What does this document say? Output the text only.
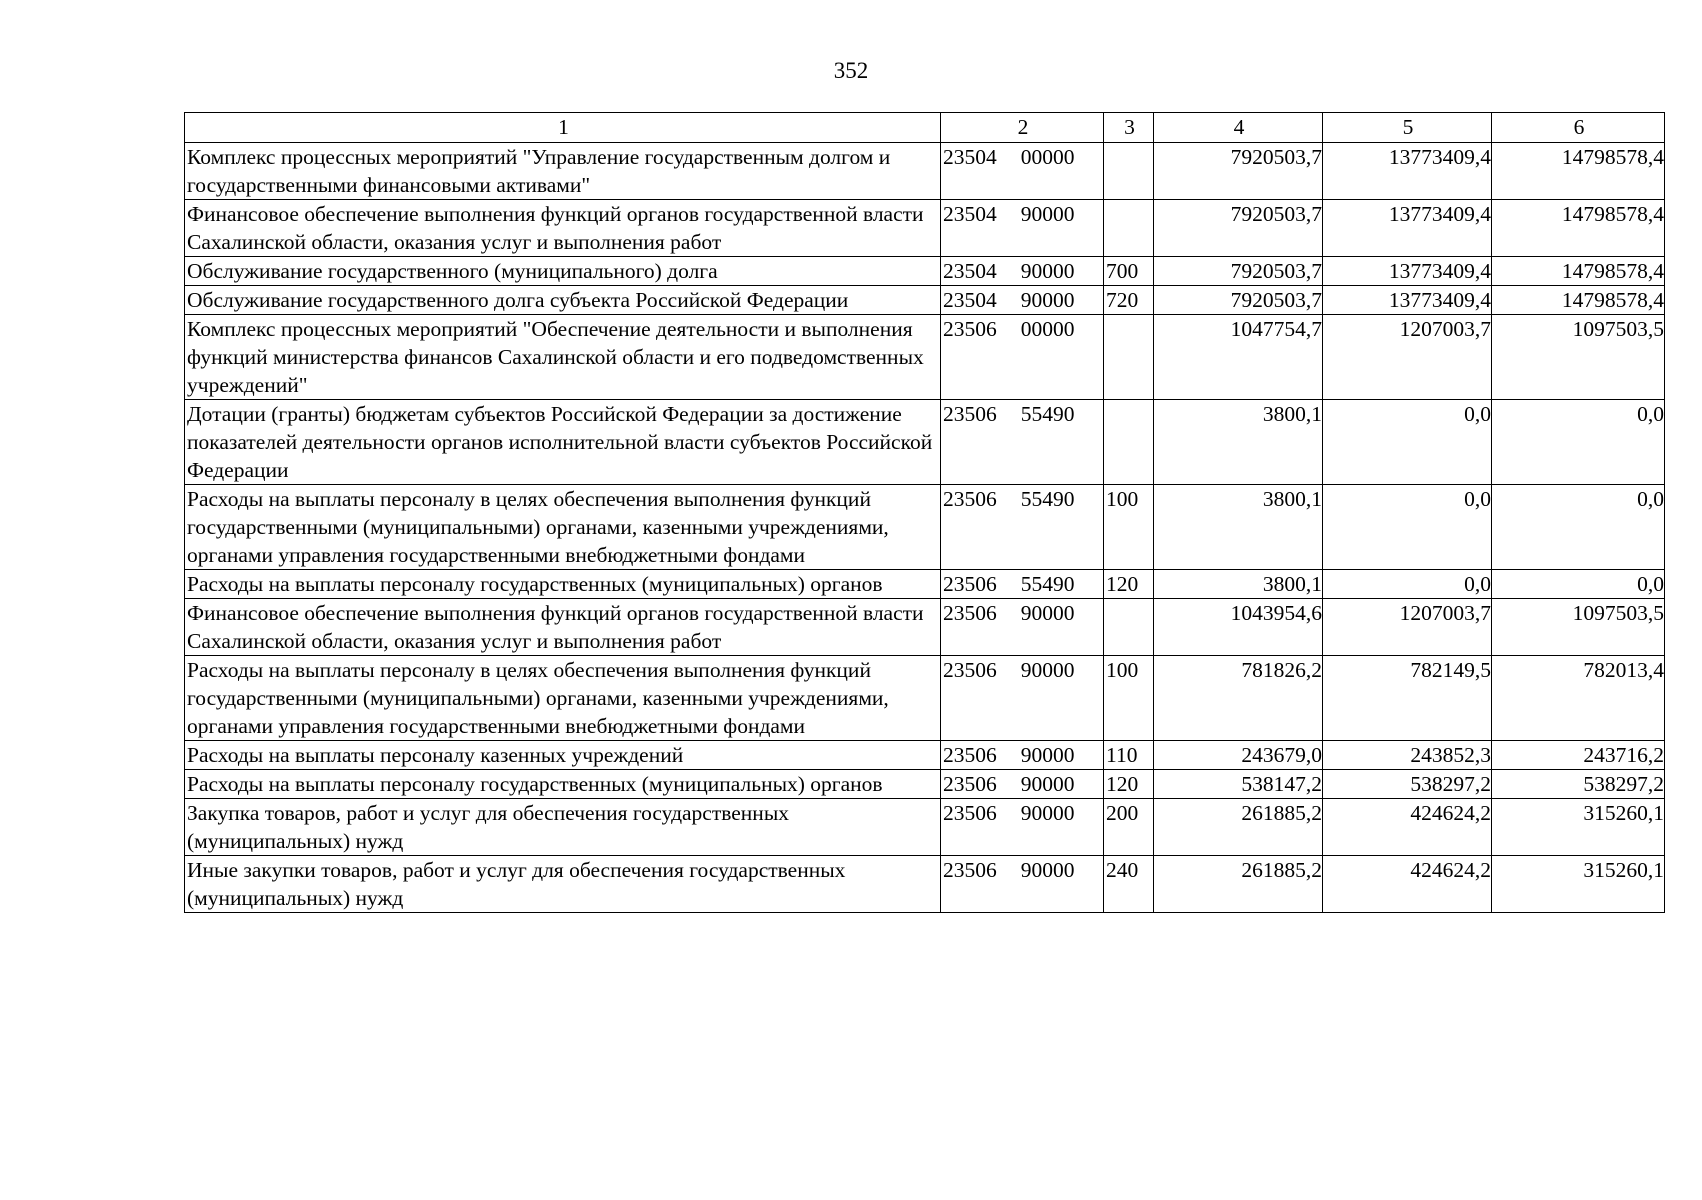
352
1	2	3	4	5	6
Комплекс процессных мероприятий "Управление государственным долгом и государственными финансовыми активами"	23504 00000		7920503,7	13773409,4	14798578,4
Финансовое обеспечение выполнения функций органов государственной власти Сахалинской области, оказания услуг и выполнения работ	23504 90000		7920503,7	13773409,4	14798578,4
Обслуживание государственного (муниципального) долга	23504 90000	700	7920503,7	13773409,4	14798578,4
Обслуживание государственного долга субъекта Российской Федерации	23504 90000	720	7920503,7	13773409,4	14798578,4
Комплекс процессных мероприятий "Обеспечение деятельности и выполнения функций министерства финансов Сахалинской области и его подведомственных учреждений"	23506 00000		1047754,7	1207003,7	1097503,5
Дотации (гранты) бюджетам субъектов Российской Федерации за достижение показателей деятельности органов исполнительной власти субъектов Российской Федерации	23506 55490		3800,1	0,0	0,0
Расходы на выплаты персоналу в целях обеспечения выполнения функций государственными (муниципальными) органами, казенными учреждениями, органами управления государственными внебюджетными фондами	23506 55490	100	3800,1	0,0	0,0
Расходы на выплаты персоналу государственных (муниципальных) органов	23506 55490	120	3800,1	0,0	0,0
Финансовое обеспечение выполнения функций органов государственной власти Сахалинской области, оказания услуг и выполнения работ	23506 90000		1043954,6	1207003,7	1097503,5
Расходы на выплаты персоналу в целях обеспечения выполнения функций государственными (муниципальными) органами, казенными учреждениями, органами управления государственными внебюджетными фондами	23506 90000	100	781826,2	782149,5	782013,4
Расходы на выплаты персоналу казенных учреждений	23506 90000	110	243679,0	243852,3	243716,2
Расходы на выплаты персоналу государственных (муниципальных) органов	23506 90000	120	538147,2	538297,2	538297,2
Закупка товаров, работ и услуг для обеспечения государственных (муниципальных) нужд	23506 90000	200	261885,2	424624,2	315260,1
Иные закупки товаров, работ и услуг для обеспечения государственных (муниципальных) нужд	23506 90000	240	261885,2	424624,2	315260,1
